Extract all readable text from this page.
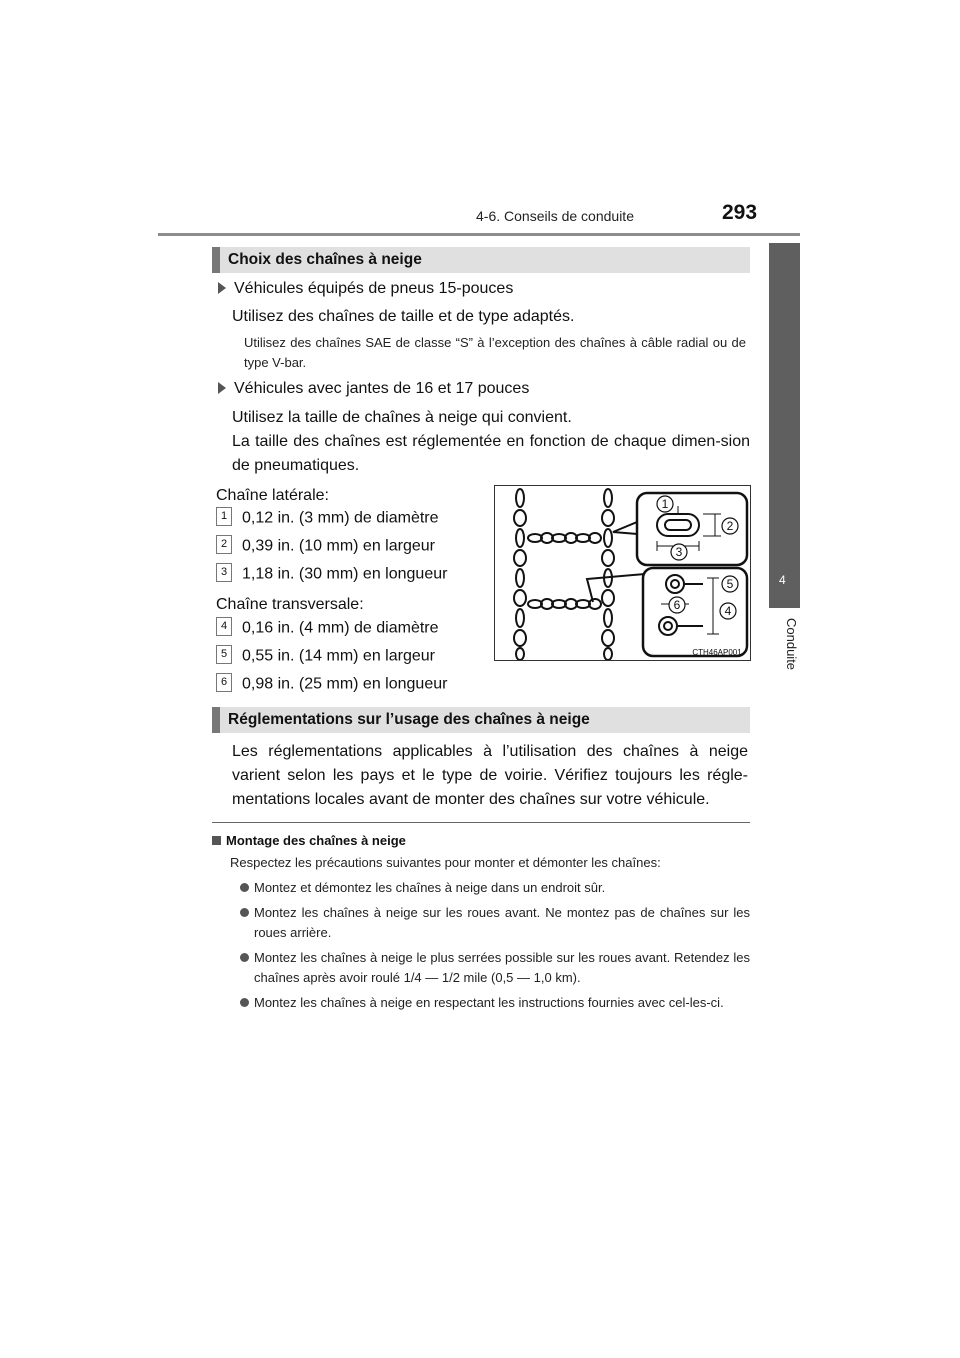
4-6. Conseils de conduite	293
4
Conduite
Choix des chaînes à neige
Véhicules équipés de pneus 15-pouces
Utilisez des chaînes de taille et de type adaptés.
Utilisez des chaînes SAE de classe “S” à l’exception des chaînes à câble radial ou de type V-bar.
Véhicules avec jantes de 16 et 17 pouces
Utilisez la taille de chaînes à neige qui convient.
La taille des chaînes est réglementée en fonction de chaque dimen-sion de pneumatiques.
Chaîne latérale:
1 0,12 in. (3 mm) de diamètre
2 0,39 in. (10 mm) en largeur
3 1,18 in. (30 mm) en longueur
Chaîne transversale:
4 0,16 in. (4 mm) de diamètre
5 0,55 in. (14 mm) en largeur
6 0,98 in. (25 mm) en longueur
1
2
3
4
5
6
CTH46AP001
Réglementations sur l’usage des chaînes à neige
Les réglementations applicables à l’utilisation des chaînes à neige varient selon les pays et le type de voirie. Vérifiez toujours les régle-mentations locales avant de monter des chaînes sur votre véhicule.
Montage des chaînes à neige
Respectez les précautions suivantes pour monter et démonter les chaînes:
Montez et démontez les chaînes à neige dans un endroit sûr.
Montez les chaînes à neige sur les roues avant. Ne montez pas de chaînes sur les roues arrière.
Montez les chaînes à neige le plus serrées possible sur les roues avant. Retendez les chaînes après avoir roulé 1/4 — 1/2 mile (0,5 — 1,0 km).
Montez les chaînes à neige en respectant les instructions fournies avec cel-les-ci.
